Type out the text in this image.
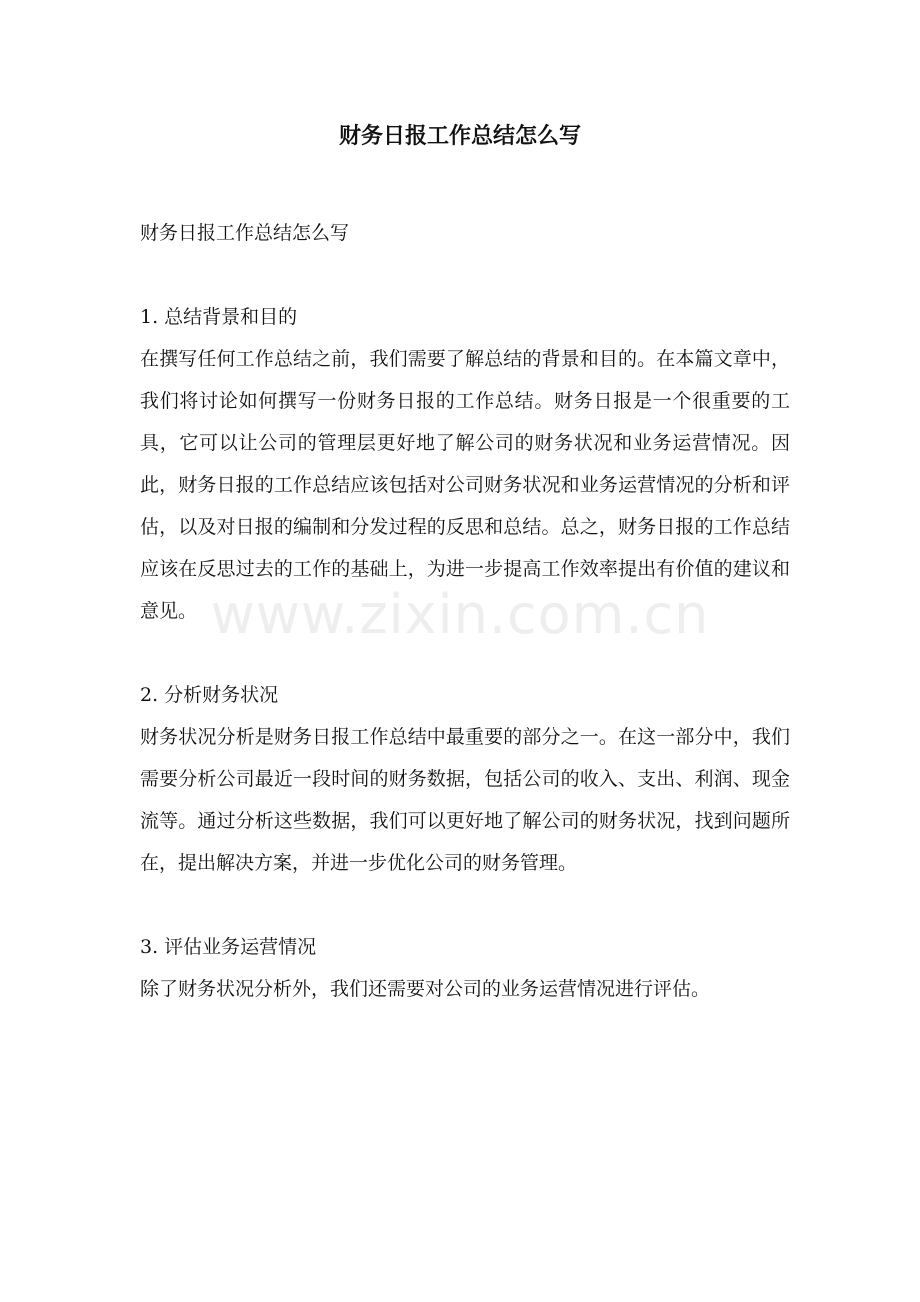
财务日报工作总结怎么写
www.zixin.com.cn

财务日报工作总结怎么写

1. 总结背景和目的

在撰写任何工作总结之前，我们需要了解总结的背景和目的。在本篇文章中，我们将讨论如何撰写一份财务日报的工作总结。财务日报是一个很重要的工具，它可以让公司的管理层更好地了解公司的财务状况和业务运营情况。因此，财务日报的工作总结应该包括对公司财务状况和业务运营情况的分析和评估，以及对日报的编制和分发过程的反思和总结。总之，财务日报的工作总结应该在反思过去的工作的基础上，为进一步提高工作效率提出有价值的建议和意见。

2. 分析财务状况

财务状况分析是财务日报工作总结中最重要的部分之一。在这一部分中，我们需要分析公司最近一段时间的财务数据，包括公司的收入、支出、利润、现金流等。通过分析这些数据，我们可以更好地了解公司的财务状况，找到问题所在，提出解决方案，并进一步优化公司的财务管理。

3. 评估业务运营情况

除了财务状况分析外，我们还需要对公司的业务运营情况进行评估。
